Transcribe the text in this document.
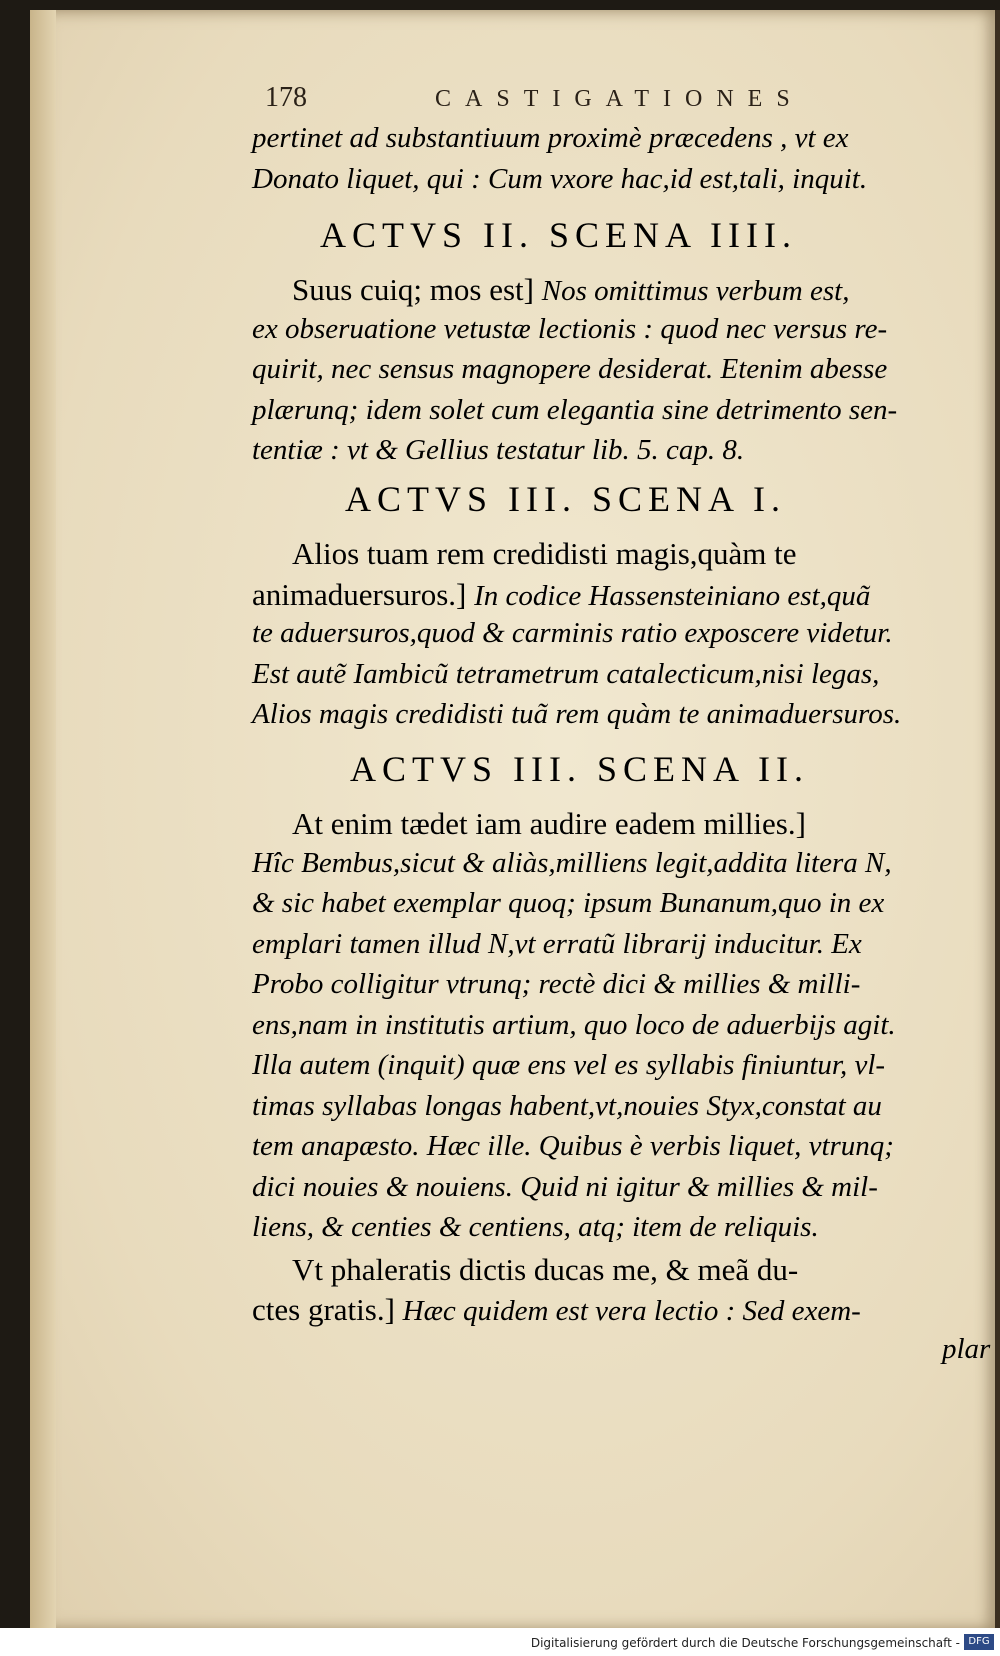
178	CASTIGATIONES
pertinet ad substantiuum proximè præcedens , vt ex
Donato liquet, qui : Cum vxore hac,id est,tali, inquit.
ACTVS II. SCENA IIII.
Suus cuiq; mos est] Nos omittimus verbum est,
ex obseruatione vetustæ lectionis : quod nec versus re-
quirit, nec sensus magnopere desiderat. Etenim abesse
plærunq; idem solet cum elegantia sine detrimento sen-
tentiæ : vt & Gellius testatur lib. 5. cap. 8.
ACTVS III. SCENA I.
Alios tuam rem credidisti magis,quàm te
animaduersuros.] In codice Hassensteiniano est,quã
te aduersuros,quod & carminis ratio exposcere videtur.
Est autẽ Iambicũ tetrametrum catalecticum,nisi legas,
Alios magis credidisti tuã rem quàm te animaduersuros.
ACTVS III. SCENA II.
At enim tædet iam audire eadem millies.]
Hîc Bembus,sicut & aliàs,milliens legit,addita litera N,
& sic habet exemplar quoq; ipsum Bunanum,quo in ex
emplari tamen illud N,vt erratũ librarij inducitur. Ex
Probo colligitur vtrunq; rectè dici & millies & milli-
ens,nam in institutis artium, quo loco de aduerbijs agit.
Illa autem (inquit) quæ ens vel es syllabis finiuntur, vl-
timas syllabas longas habent,vt,nouies Styx,constat au
tem anapæsto. Hæc ille. Quibus è verbis liquet, vtrunq;
dici nouies & nouiens. Quid ni igitur & millies & mil-
liens, & centies & centiens, atq; item de reliquis.
Vt phaleratis dictis ducas me, & meã du-
ctes gratis.] Hæc quidem est vera lectio : Sed exem-
plar
Digitalisierung gefördert durch die Deutsche Forschungsgemeinschaft - DFG
